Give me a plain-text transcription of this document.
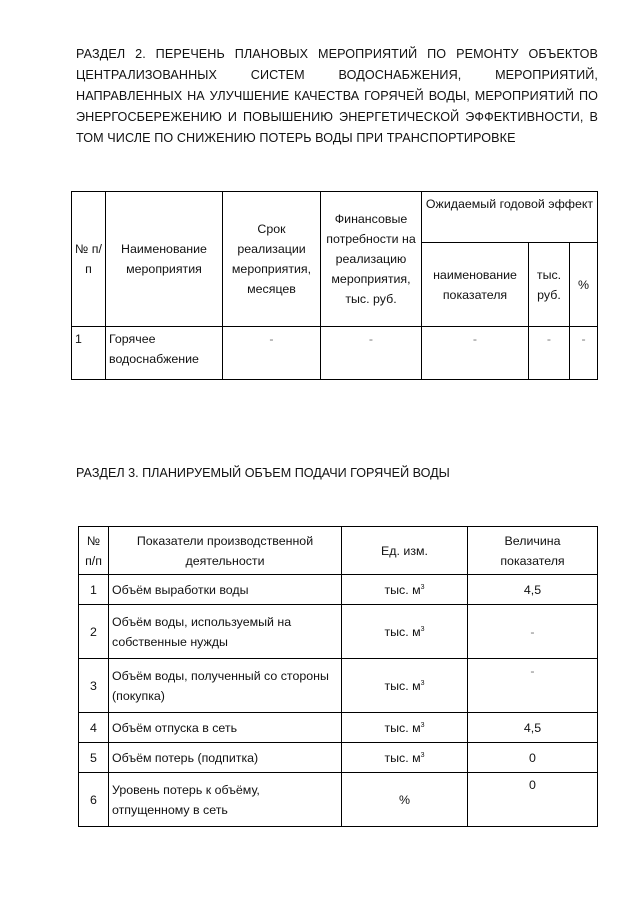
РАЗДЕЛ 2. ПЕРЕЧЕНЬ ПЛАНОВЫХ МЕРОПРИЯТИЙ ПО РЕМОНТУ ОБЪЕКТОВ ЦЕНТРАЛИЗОВАННЫХ СИСТЕМ ВОДОСНАБЖЕНИЯ, МЕРОПРИЯТИЙ, НАПРАВЛЕННЫХ НА УЛУЧШЕНИЕ КАЧЕСТВА ГОРЯЧЕЙ ВОДЫ, МЕРОПРИЯТИЙ ПО ЭНЕРГОСБЕРЕЖЕНИЮ И ПОВЫШЕНИЮ ЭНЕРГЕТИЧЕСКОЙ ЭФФЕКТИВНОСТИ, В ТОМ ЧИСЛЕ ПО СНИЖЕНИЮ ПОТЕРЬ ВОДЫ ПРИ ТРАНСПОРТИРОВКЕ
№ п/п	Наименование мероприятия	Срок реализации мероприятия, месяцев	Финансовые потребности на реализацию мероприятия, тыс. руб.	Ожидаемый годовой эффект		
				наименование показателя	тыс. руб.	%
1	Горячее водоснабжение	-	-	-	-	-
РАЗДЕЛ 3. ПЛАНИРУЕМЫЙ ОБЪЕМ ПОДАЧИ ГОРЯЧЕЙ ВОДЫ
№ п/п	Показатели производственной деятельности	Ед. изм.	Величина показателя
1	Объём выработки воды	тыс. $м^3$	4,5
2	Объём воды, используемый на собственные нужды	тыс. $м^3$	-
3	Объём воды, полученный со стороны (покупка)	тыс. $м^3$	-
4	Объём отпуска в сеть	тыс. $м^3$	4,5
5	Объём потерь (подпитка)	тыс. $м^3$	0
6	Уровень потерь к объёму, отпущенному в сеть	%	0
